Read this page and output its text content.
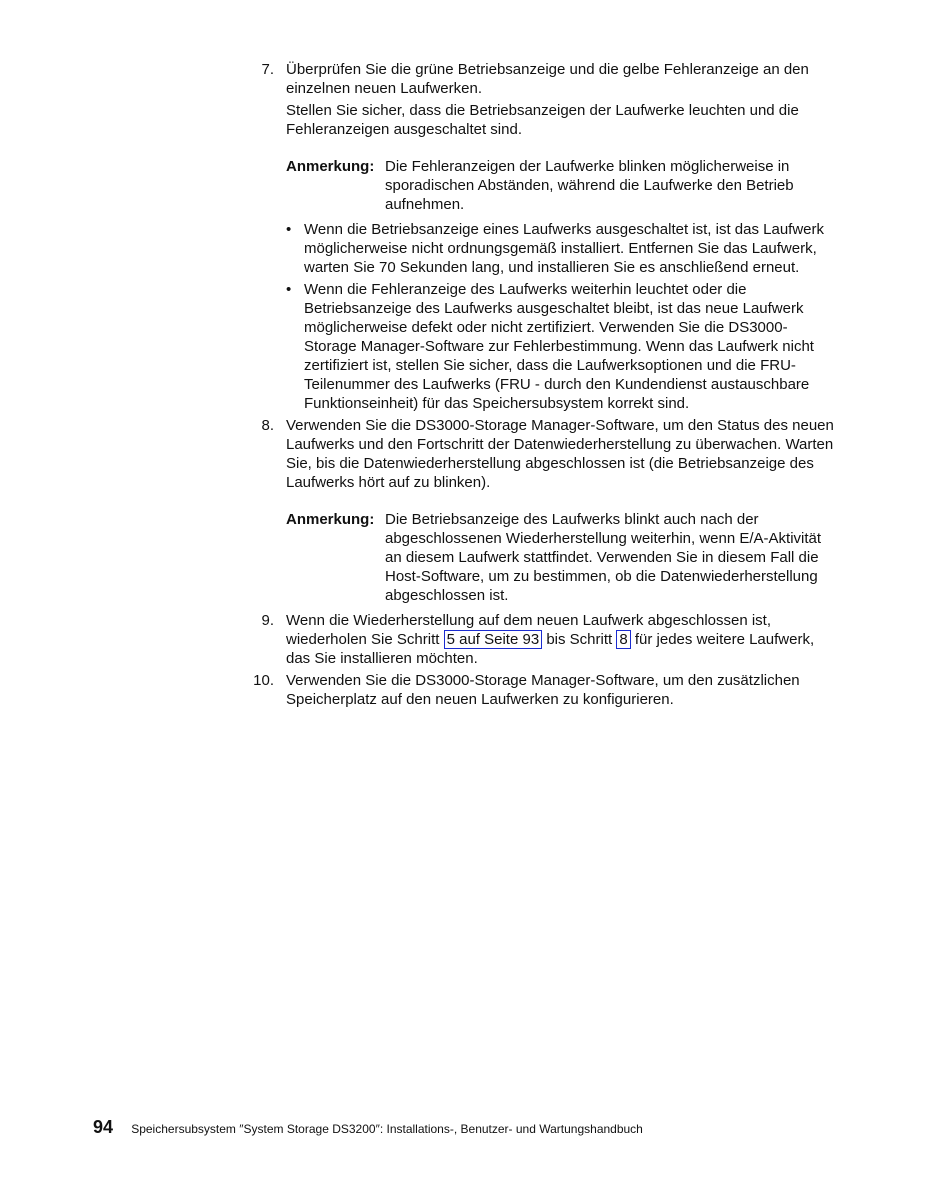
7. Überprüfen Sie die grüne Betriebsanzeige und die gelbe Fehleranzeige an den einzelnen neuen Laufwerken.

Stellen Sie sicher, dass die Betriebsanzeigen der Laufwerke leuchten und die Fehleranzeigen ausgeschaltet sind.

Anmerkung: Die Fehleranzeigen der Laufwerke blinken möglicherweise in sporadischen Abständen, während die Laufwerke den Betrieb aufnehmen.
• Wenn die Betriebsanzeige eines Laufwerks ausgeschaltet ist, ist das Laufwerk möglicherweise nicht ordnungsgemäß installiert. Entfernen Sie das Laufwerk, warten Sie 70 Sekunden lang, und installieren Sie es anschließend erneut.
• Wenn die Fehleranzeige des Laufwerks weiterhin leuchtet oder die Betriebsanzeige des Laufwerks ausgeschaltet bleibt, ist das neue Laufwerk möglicherweise defekt oder nicht zertifiziert. Verwenden Sie die DS3000-Storage Manager-Software zur Fehlerbestimmung. Wenn das Laufwerk nicht zertifiziert ist, stellen Sie sicher, dass die Laufwerksoptionen und die FRU-Teilenummer des Laufwerks (FRU - durch den Kundendienst austauschbare Funktionseinheit) für das Speichersubsystem korrekt sind.
8. Verwenden Sie die DS3000-Storage Manager-Software, um den Status des neuen Laufwerks und den Fortschritt der Datenwiederherstellung zu überwachen. Warten Sie, bis die Datenwiederherstellung abgeschlossen ist (die Betriebsanzeige des Laufwerks hört auf zu blinken).

Anmerkung: Die Betriebsanzeige des Laufwerks blinkt auch nach der abgeschlossenen Wiederherstellung weiterhin, wenn E/A-Aktivität an diesem Laufwerk stattfindet. Verwenden Sie in diesem Fall die Host-Software, um zu bestimmen, ob die Datenwiederherstellung abgeschlossen ist.
9. Wenn die Wiederherstellung auf dem neuen Laufwerk abgeschlossen ist, wiederholen Sie Schritt 5 auf Seite 93 bis Schritt 8 für jedes weitere Laufwerk, das Sie installieren möchten.

10. Verwenden Sie die DS3000-Storage Manager-Software, um den zusätzlichen Speicherplatz auf den neuen Laufwerken zu konfigurieren.

94 Speichersubsystem ″System Storage DS3200″: Installations-, Benutzer- und Wartungshandbuch
